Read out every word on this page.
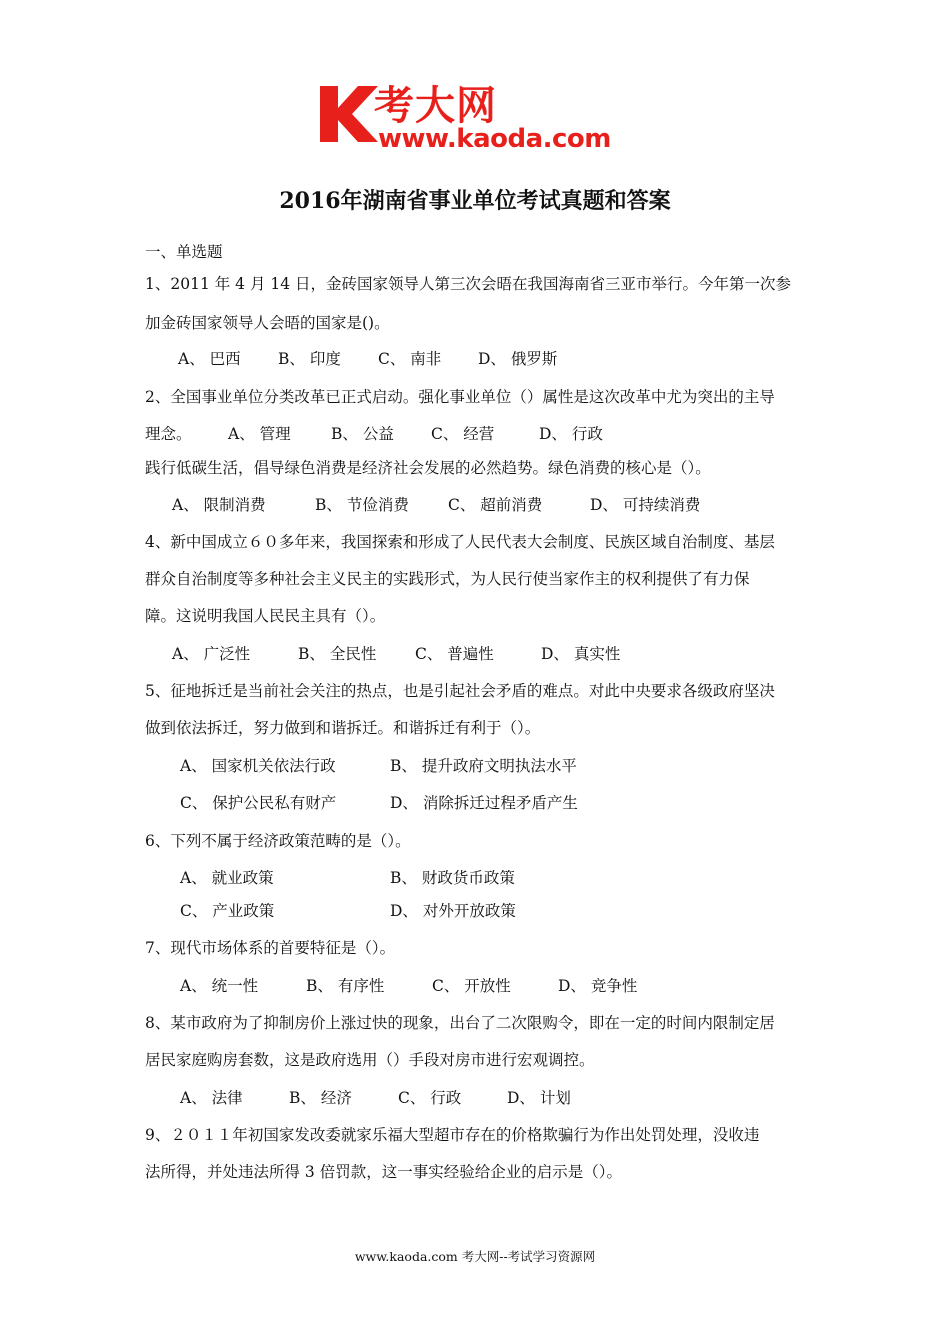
考大网
www.kaoda.com
2016年湖南省事业单位考试真题和答案
一、单选题
1、2011 年 4 月 14 日，金砖国家领导人第三次会晤在我国海南省三亚市举行。今年第一次参
加金砖国家领导人会晤的国家是()。
A、 巴西 B、 印度 C、 南非 D、 俄罗斯
2、全国事业单位分类改革已正式启动。强化事业单位（）属性是这次改革中尤为突出的主导
理念。 A、 管理	B、 公益 C、 经营	D、 行政
践行低碳生活，倡导绿色消费是经济社会发展的必然趋势。绿色消费的核心是（）。
A、 限制消费	B、 节俭消费	C、 超前消费	D、 可持续消费
4、新中国成立６０多年来，我国探索和形成了人民代表大会制度、民族区域自治制度、基层
群众自治制度等多种社会主义民主的实践形式，为人民行使当家作主的权利提供了有力保
障。这说明我国人民民主具有（）。
A、 广泛性	B、 全民性 C、 普遍性	D、 真实性
5、征地拆迁是当前社会关注的热点，也是引起社会矛盾的难点。对此中央要求各级政府坚决
做到依法拆迁，努力做到和谐拆迁。和谐拆迁有利于（）。
A、 国家机关依法行政	B、 提升政府文明执法水平
C、 保护公民私有财产	D、 消除拆迁过程矛盾产生
6、下列不属于经济政策范畴的是（）。
A、 就业政策	B、 财政货币政策
C、 产业政策	D、 对外开放政策
7、现代市场体系的首要特征是（）。
A、 统一性	B、 有序性	C、 开放性	D、 竞争性
8、某市政府为了抑制房价上涨过快的现象，出台了二次限购令，即在一定的时间内限制定居
居民家庭购房套数，这是政府选用（）手段对房市进行宏观调控。
A、 法律	B、 经济	C、 行政	D、 计划
9、２０１１年初国家发改委就家乐福大型超市存在的价格欺骗行为作出处罚处理，没收违
法所得，并处违法所得 3 倍罚款，这一事实经验给企业的启示是（）。
www.kaoda.com 考大网--考试学习资源网
